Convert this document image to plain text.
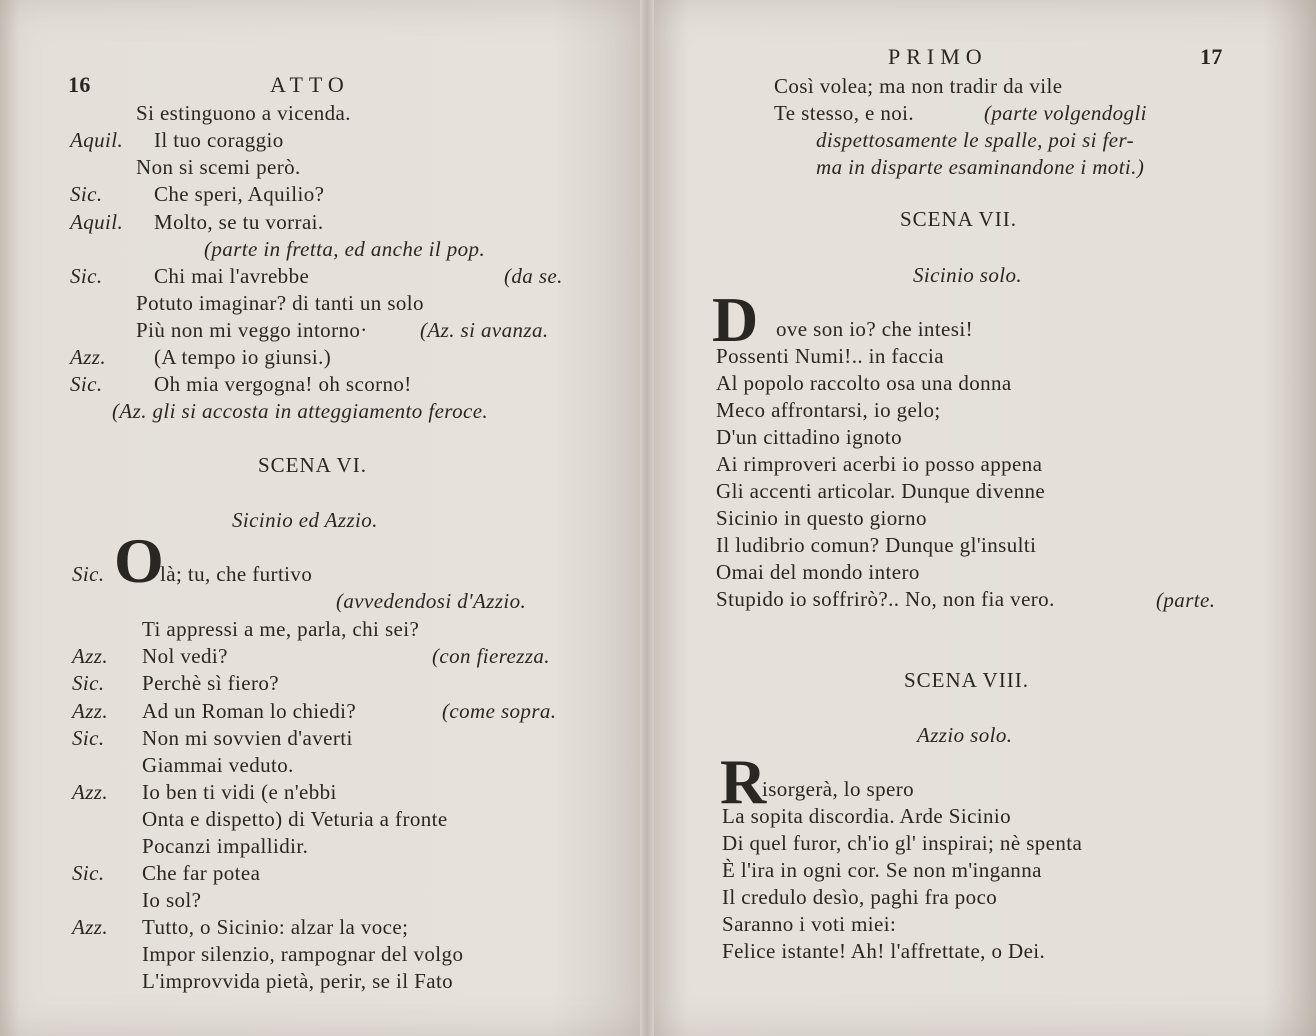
16	ATTO
Si estinguono a vicenda.
Aquil. Il tuo coraggio
Non si scemi però.
Sic. Che speri, Aquilio?
Aquil. Molto, se tu vorrai.
(parte in fretta, ed anche il pop.
Sic. Chi mai l'avrebbe	(da se.
Potuto imaginar? di tanti un solo
Più non mi veggo intorno· (Az. si avanza.
Azz. (A tempo io giunsi.)
Sic. Oh mia vergogna! oh scorno!
(Az. gli si accosta in atteggiamento feroce.
SCENA VI.
Sicinio ed Azzio.
Sic. O
là; tu, che furtivo
(avvedendosi d'Azzio.
Ti appressi a me, parla, chi sei?
Azz. Nol vedi?	(con fierezza.
Sic. Perchè sì fiero?
Azz. Ad un Roman lo chiedi?	(come sopra.
Sic. Non mi sovvien d'averti
Giammai veduto.
Azz. Io ben ti vidi (e n'ebbi
Onta e dispetto) di Veturia a fronte
Pocanzi impallidir.
Sic. Che far potea
Io sol?
Azz. Tutto, o Sicinio: alzar la voce;
Impor silenzio, rampognar del volgo
L'improvvida pietà, perir, se il Fato
PRIMO	17
Così volea; ma non tradir da vile
Te stesso, e noi.	(parte volgendogli
dispettosamente le spalle, poi si fer-
ma in disparte esaminandone i moti.)
SCENA VII.
Sicinio solo.
D ove son io? che intesi!
Possenti Numi!.. in faccia
Al popolo raccolto osa una donna
Meco affrontarsi, io gelo;
D'un cittadino ignoto
Ai rimproveri acerbi io posso appena
Gli accenti articolar. Dunque divenne
Sicinio in questo giorno
Il ludibrio comun? Dunque gl'insulti
Omai del mondo intero
Stupido io soffrirò?.. No, non fia vero.	(parte.
SCENA VIII.
Azzio solo.
R
isorgerà, lo spero
La sopita discordia. Arde Sicinio
Di quel furor, ch'io gl' inspirai; nè spenta
È l'ira in ogni cor. Se non m'inganna
Il credulo desìo, paghi fra poco
Saranno i voti miei:
Felice istante! Ah! l'affrettate, o Dei.
